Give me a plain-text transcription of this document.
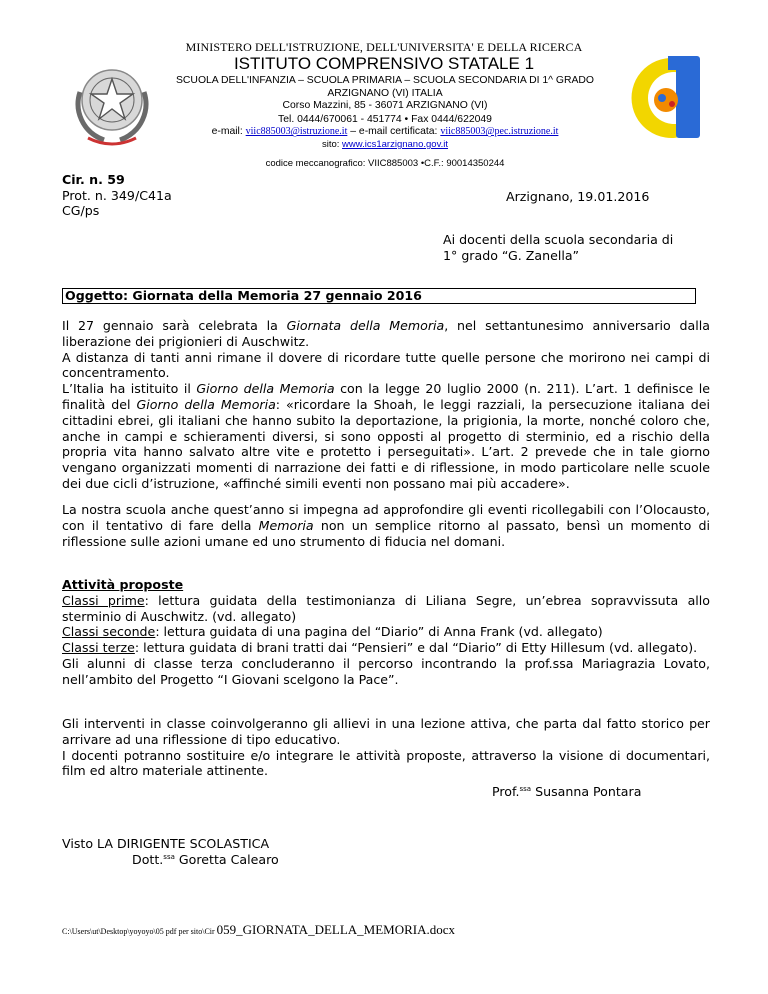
MINISTERO DELL'ISTRUZIONE, DELL'UNIVERSITA' E DELLA RICERCA
ISTITUTO COMPRENSIVO STATALE 1
SCUOLA DELL'INFANZIA – SCUOLA PRIMARIA – SCUOLA SECONDARIA DI 1^ GRADO
ARZIGNANO (VI) ITALIA
Corso Mazzini, 85 - 36071 ARZIGNANO (VI)
Tel. 0444/670061 - 451774 • Fax 0444/622049
e-mail: viic885003@istruzione.it – e-mail certificata: viic885003@pec.istruzione.it
sito: www.ics1arzignano.gov.it
codice meccanografico: VIIC885003 •C.F.: 90014350244
Cir. n. 59
Prot. n. 349/C41a
CG/ps
Arzignano, 19.01.2016
Ai docenti della scuola secondaria di
1° grado “G. Zanella”
Oggetto: Giornata della Memoria 27 gennaio 2016

Il 27 gennaio sarà celebrata la Giornata della Memoria, nel settantunesimo anniversario dalla liberazione dei prigionieri di Auschwitz.

A distanza di tanti anni rimane il dovere di ricordare tutte quelle persone che morirono nei campi di concentramento.

L’Italia ha istituito il Giorno della Memoria con la legge 20 luglio 2000 (n. 211). L’art. 1 definisce le finalità del Giorno della Memoria: «ricordare la Shoah, le leggi razziali, la persecuzione italiana dei cittadini ebrei, gli italiani che hanno subito la deportazione, la prigionia, la morte, nonché coloro che, anche in campi e schieramenti diversi, si sono opposti al progetto di sterminio, ed a rischio della propria vita hanno salvato altre vite e protetto i perseguitati». L’art. 2 prevede che in tale giorno vengano organizzati momenti di narrazione dei fatti e di riflessione, in modo particolare nelle scuole dei due cicli d’istruzione, «affinché simili eventi non possano mai più accadere».

La nostra scuola anche quest’anno si impegna ad approfondire gli eventi ricollegabili con l’Olocausto, con il tentativo di fare della Memoria non un semplice ritorno al passato, bensì un momento di riflessione sulle azioni umane ed uno strumento di fiducia nel domani.

Attività proposte

Classi prime: lettura guidata della testimonianza di Liliana Segre, un’ebrea sopravvissuta allo sterminio di Auschwitz. (vd. allegato)

Classi seconde: lettura guidata di una pagina del “Diario” di Anna Frank (vd. allegato)

Classi terze: lettura guidata di brani tratti dai “Pensieri” e dal “Diario” di Etty Hillesum (vd. allegato).

Gli alunni di classe terza concluderanno il percorso incontrando la prof.ssa Mariagrazia Lovato, nell’ambito del Progetto “I Giovani scelgono la Pace”.

Gli interventi in classe coinvolgeranno gli allievi in una lezione attiva, che parta dal fatto storico per arrivare ad una riflessione di tipo educativo.

I docenti potranno sostituire e/o integrare le attività proposte, attraverso la visione di documentari, film ed altro materiale attinente.

Prof.$^{ssa}$ Susanna Pontara
Visto LA DIRIGENTE SCOLASTICA
Dott.$^{ssa}$ Goretta Calearo
C:\Users\ut\Desktop\yoyoyo\05 pdf per sito\Cir 059_GIORNATA_DELLA_MEMORIA.docx
